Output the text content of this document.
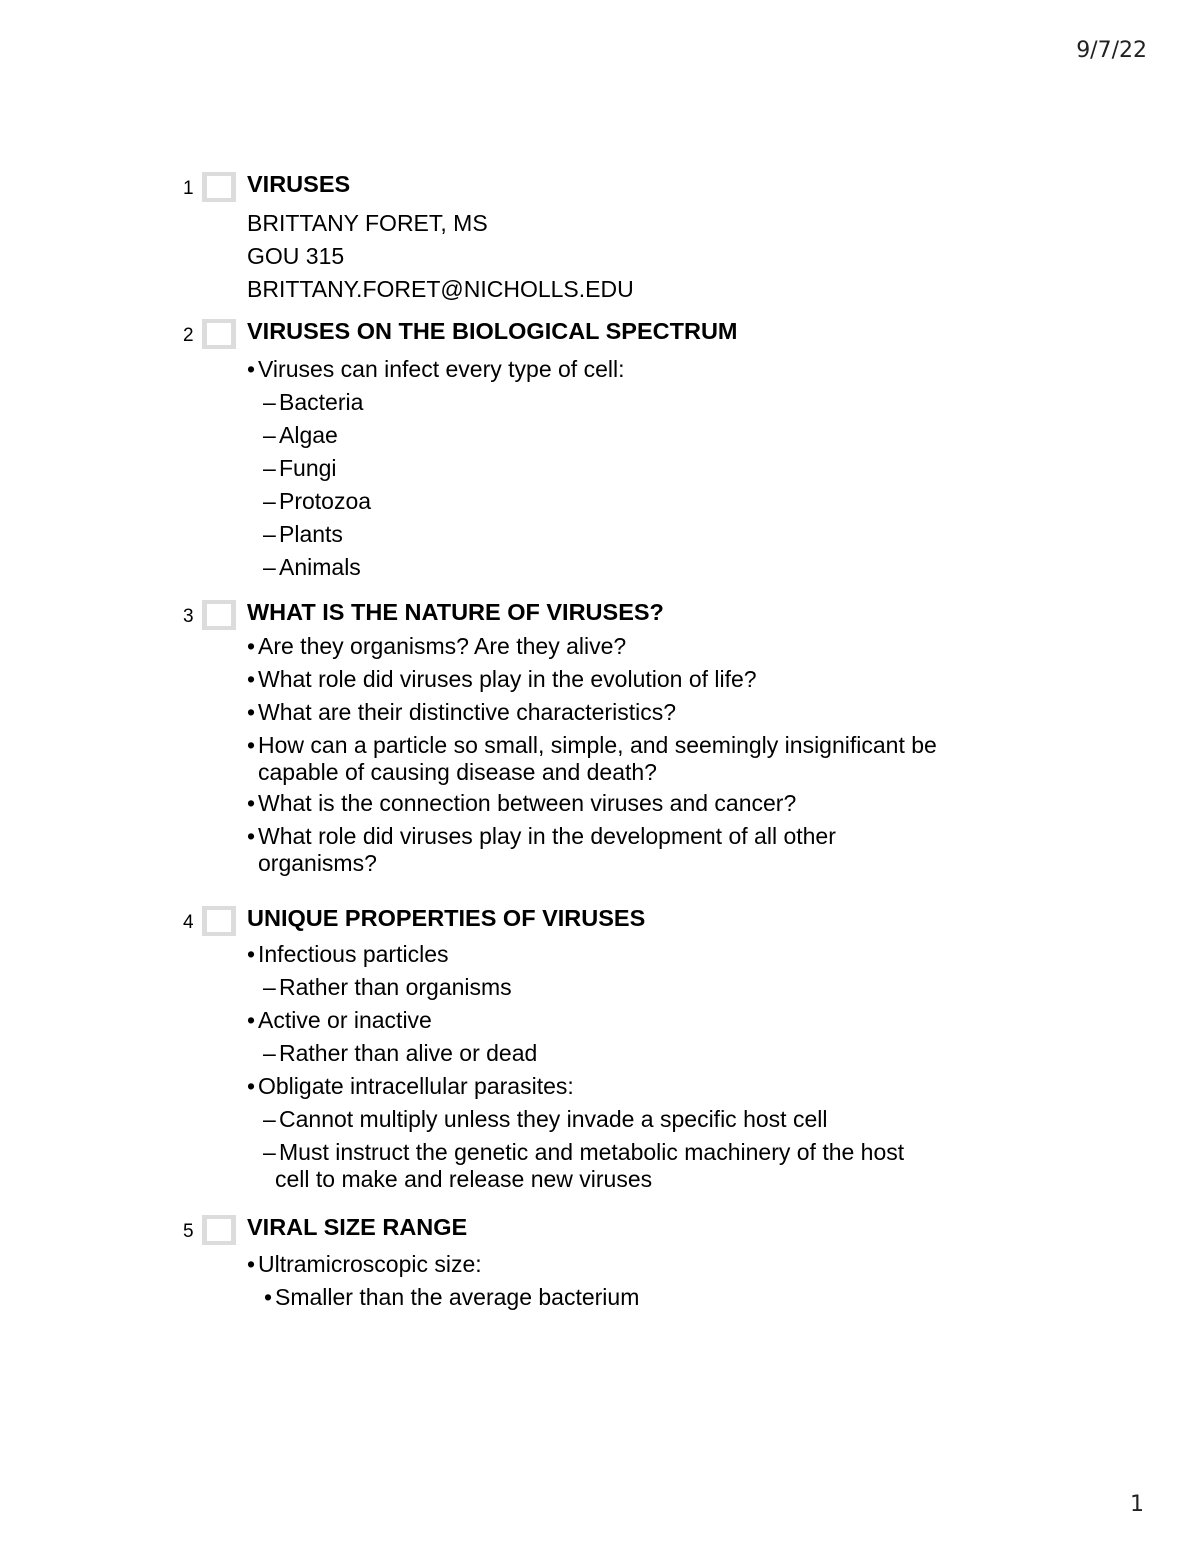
9/7/22
1 VIRUSES
BRITTANY FORET, MS
GOU 315
BRITTANY.FORET@NICHOLLS.EDU
2 VIRUSES ON THE BIOLOGICAL SPECTRUM
• Viruses can infect every type of cell:
– Bacteria
– Algae
– Fungi
– Protozoa
– Plants
– Animals
3 WHAT IS THE NATURE OF VIRUSES?
• Are they organisms? Are they alive?
• What role did viruses play in the evolution of life?
• What are their distinctive characteristics?
• How can a particle so small, simple, and seemingly insignificant be
capable of causing disease and death?
• What is the connection between viruses and cancer?
• What role did viruses play in the development of all other
organisms?
4 UNIQUE PROPERTIES OF VIRUSES
• Infectious particles
– Rather than organisms
• Active or inactive
– Rather than alive or dead
• Obligate intracellular parasites:
– Cannot multiply unless they invade a specific host cell
– Must instruct the genetic and metabolic machinery of the host
cell to make and release new viruses
5 VIRAL SIZE RANGE
• Ultramicroscopic size:
• Smaller than the average bacterium
1
